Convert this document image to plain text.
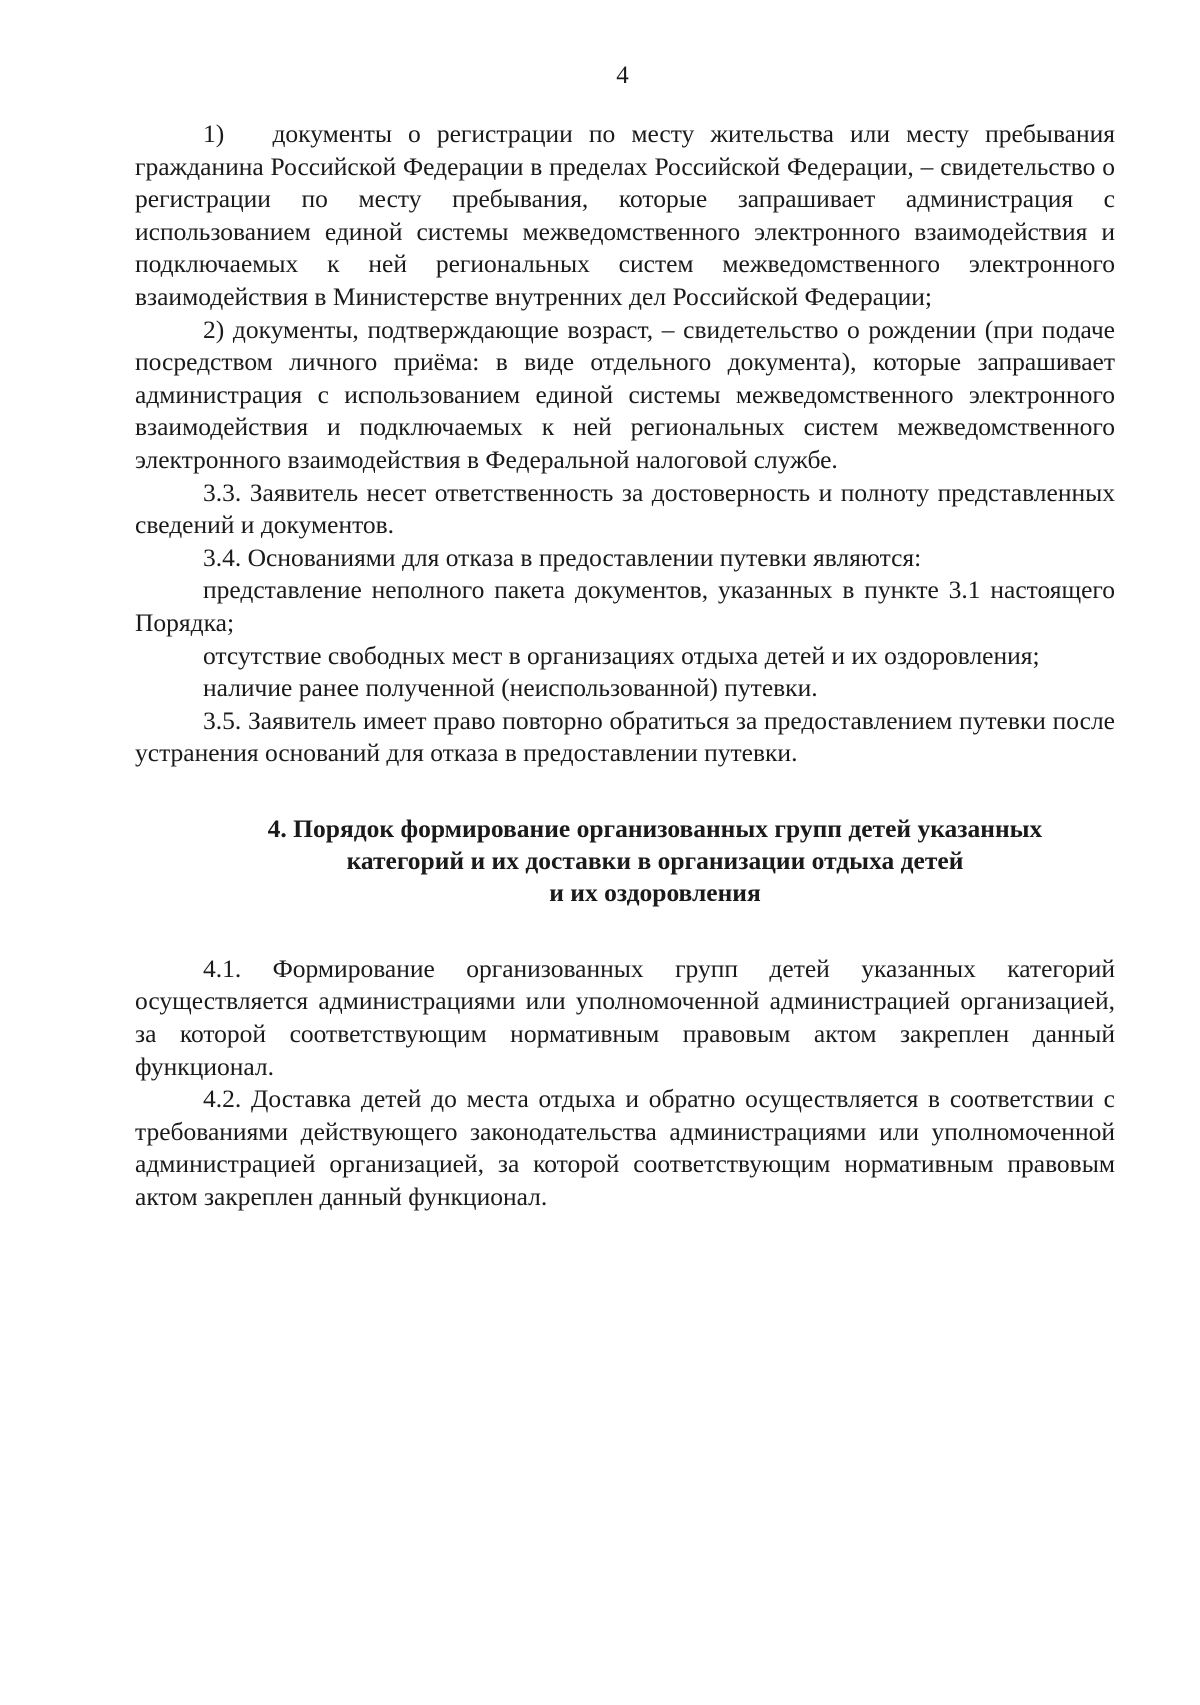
4

1)   документы о регистрации по месту жительства или месту пребывания гражданина Российской Федерации в пределах Российской Федерации, – свидетельство о регистрации по месту пребывания, которые запрашивает администрация с использованием единой системы межведомственного электронного взаимодействия и подключаемых к ней региональных систем межведомственного электронного взаимодействия в Министерстве внутренних дел Российской Федерации;

2) документы, подтверждающие возраст, – свидетельство о рождении (при подаче посредством личного приёма: в виде отдельного документа), которые запрашивает администрация с использованием единой системы межведомственного электронного взаимодействия и подключаемых к ней региональных систем межведомственного электронного взаимодействия в Федеральной налоговой службе.

3.3. Заявитель несет ответственность за достоверность и полноту представленных сведений и документов.

3.4. Основаниями для отказа в предоставлении путевки являются:

представление неполного пакета документов, указанных в пункте 3.1 настоящего Порядка;

отсутствие свободных мест в организациях отдыха детей и их оздоровления;

наличие ранее полученной (неиспользованной) путевки.

3.5. Заявитель имеет право повторно обратиться за предоставлением путевки после устранения оснований для отказа в предоставлении путевки.

4. Порядок формирование организованных групп детей указанных
категорий и их доставки в организации отдыха детей
и их оздоровления

4.1. Формирование организованных групп детей указанных категорий осуществляется администрациями или уполномоченной администрацией организацией, за которой соответствующим нормативным правовым актом закреплен данный функционал.

4.2. Доставка детей до места отдыха и обратно осуществляется в соответствии с требованиями действующего законодательства администрациями или уполномоченной администрацией организацией, за которой соответствующим нормативным правовым актом закреплен данный функционал.
